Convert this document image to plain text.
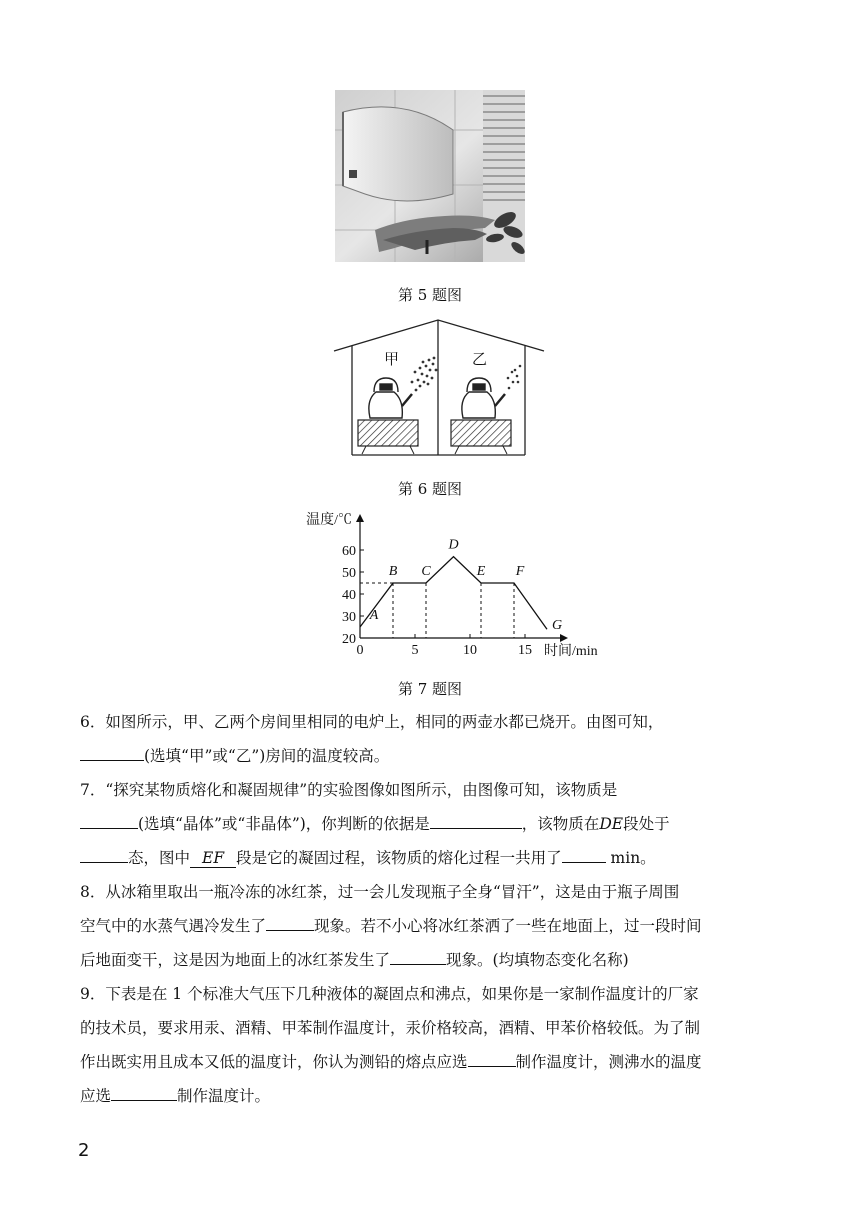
第 5 题图
甲	乙
第 6 题图
20
30
40
50
60
0	5	10	15
温度/℃
时间/min
A
B C
D
E F
G
第 7 题图
6．如图所示，甲、乙两个房间里相同的电炉上，相同的两壶水都已烧开。由图可知，
(选填“甲”或“乙”)房间的温度较高。
7．“探究某物质熔化和凝固规律”的实验图像如图所示，由图像可知，该物质是
(选填“晶体”或“非晶体”)，你判断的依据是	，该物质在DE段处于
态，图中 EF 段是它的凝固过程，该物质的熔化过程一共用了	min。
8．从冰箱里取出一瓶冷冻的冰红茶，过一会儿发现瓶子全身“冒汗”，这是由于瓶子周围
空气中的水蒸气遇冷发生了	现象。若不小心将冰红茶洒了一些在地面上，过一段时间
后地面变干，这是因为地面上的冰红茶发生了	现象。(均填物态变化名称)
9．下表是在 1 个标准大气压下几种液体的凝固点和沸点，如果你是一家制作温度计的厂家
的技术员，要求用汞、酒精、甲苯制作温度计，汞价格较高，酒精、甲苯价格较低。为了制
作出既实用且成本又低的温度计，你认为测铅的熔点应选	制作温度计，测沸水的温度
应选	制作温度计。
2
